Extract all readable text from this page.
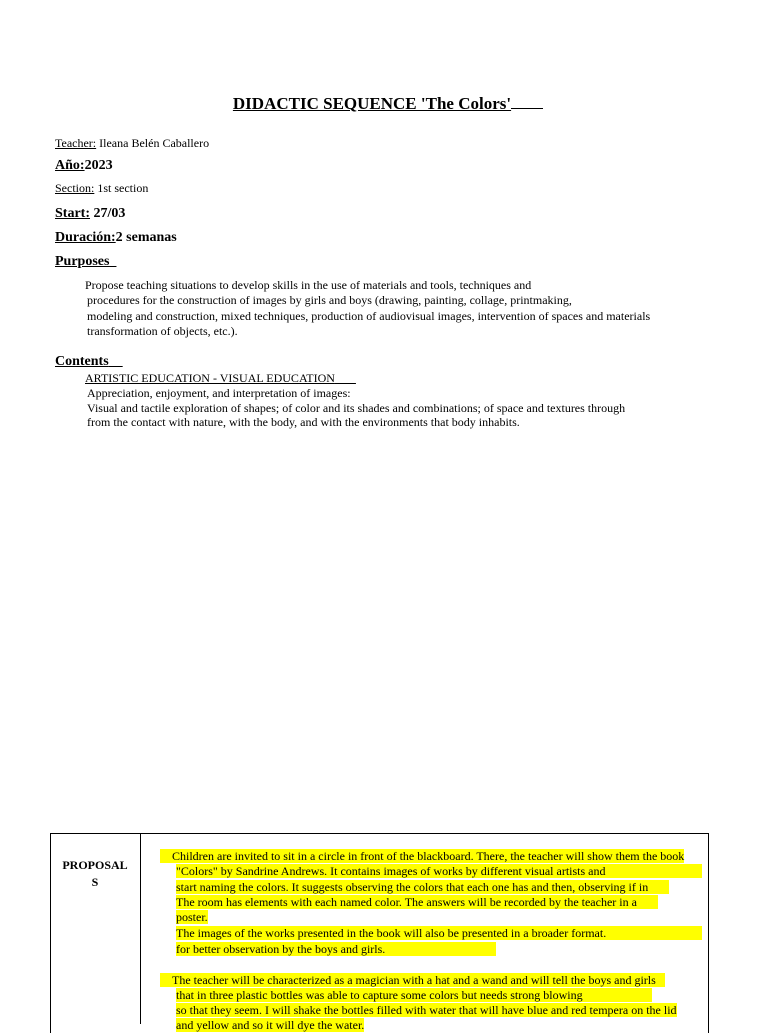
DIDACTIC SEQUENCE 'The Colors'
Teacher: Ileana Belén Caballero
Año:2023
Section: 1st section
Start: 27/03
Duración:2 semanas
Purposes
Propose teaching situations to develop skills in the use of materials and tools, techniques and
procedures for the construction of images by girls and boys (drawing, painting, collage, printmaking,
modeling and construction, mixed techniques, production of audiovisual images, intervention of spaces and materials
transformation of objects, etc.).
Contents
ARTISTIC EDUCATION - VISUAL EDUCATION
Appreciation, enjoyment, and interpretation of images:
Visual and tactile exploration of shapes; of color and its shades and combinations; of space and textures through
from the contact with nature, with the body, and with the environments that body inhabits.
PROPOSAL
S
Children are invited to sit in a circle in front of the blackboard. There, the teacher will show them the book
"Colors" by Sandrine Andrews. It contains images of works by different visual artists and
start naming the colors. It suggests observing the colors that each one has and then, observing if in
The room has elements with each named color. The answers will be recorded by the teacher in a
poster.
The images of the works presented in the book will also be presented in a broader format.
for better observation by the boys and girls.
The teacher will be characterized as a magician with a hat and a wand and will tell the boys and girls
that in three plastic bottles was able to capture some colors but needs strong blowing
so that they seem. I will shake the bottles filled with water that will have blue and red tempera on the lid
and yellow and so it will dye the water.
